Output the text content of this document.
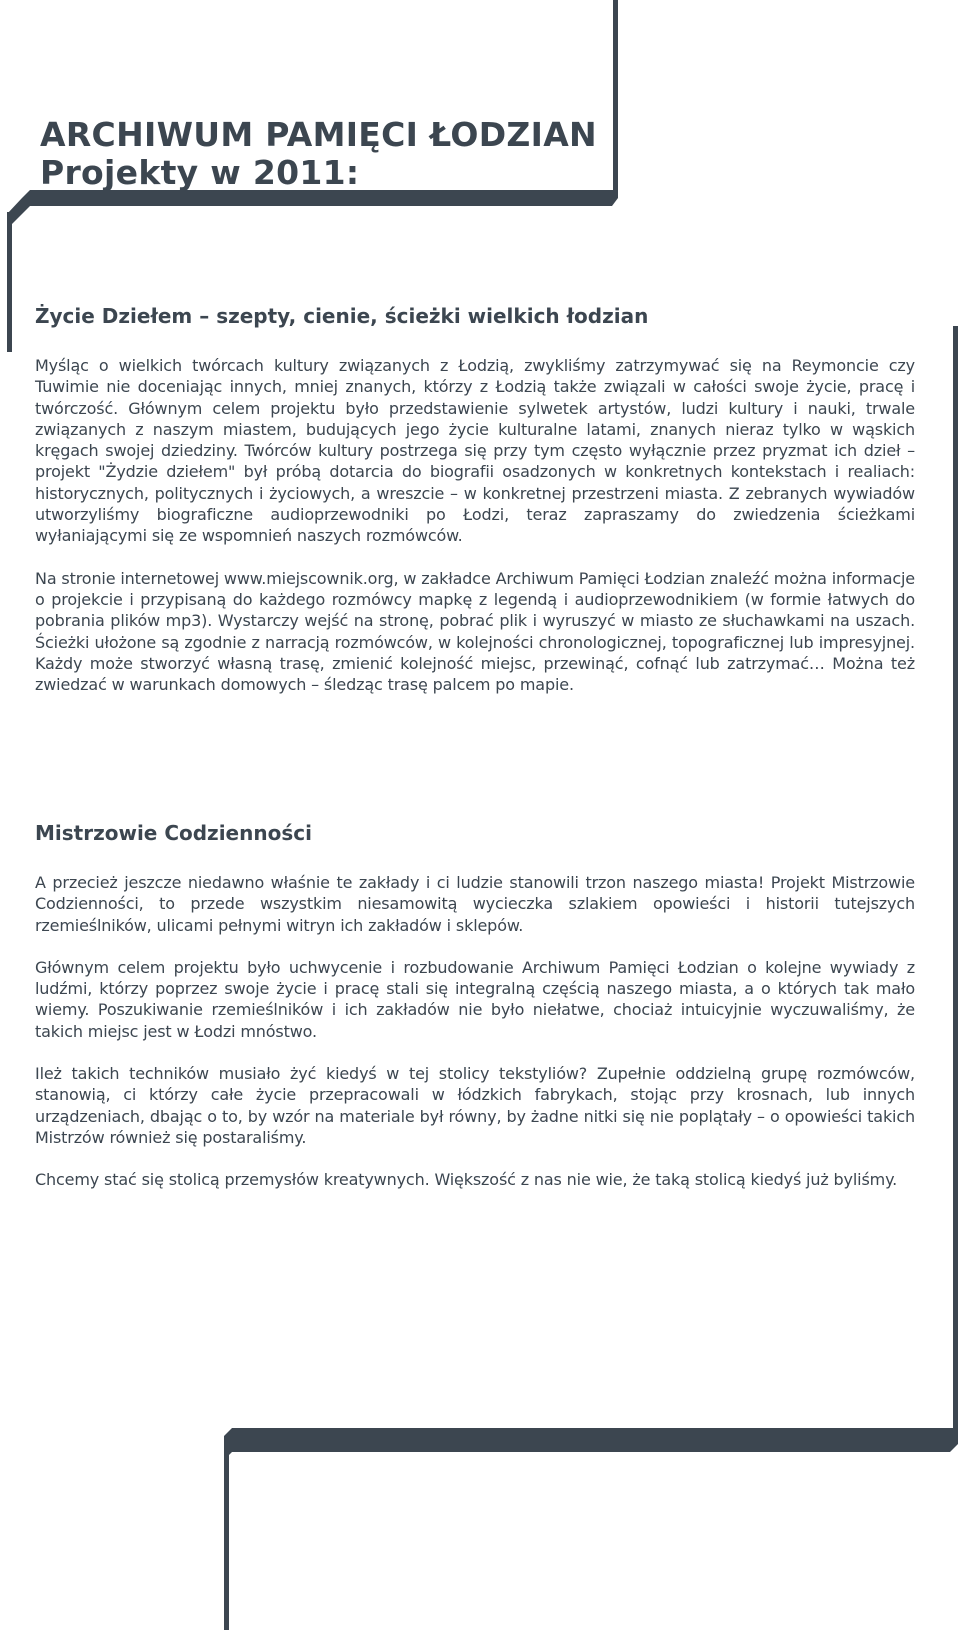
ARCHIWUM PAMIĘCI ŁODZIAN
Projekty w 2011:
Życie Dziełem – szepty, cienie, ścieżki wielkich łodzian

Myśląc o wielkich twórcach kultury związanych z Łodzią, zwykliśmy zatrzymywać się na Reymoncie czy Tuwimie nie doceniając innych, mniej znanych, którzy z Łodzią także związali w całości swoje życie, pracę i twórczość. Głównym celem projektu było przedstawienie sylwetek artystów, ludzi kultury i nauki, trwale związanych z naszym miastem, budujących jego życie kulturalne latami, znanych nieraz tylko w wąskich kręgach swojej dziedziny. Twórców kultury postrzega się przy tym często wyłącznie przez pryzmat ich dzieł – projekt "Żydzie dziełem" był próbą dotarcia do biografii osadzonych w konkretnych kontekstach i realiach: historycznych, politycznych i życiowych, a wreszcie – w konkretnej przestrzeni miasta. Z zebranych wywiadów utworzyliśmy biograficzne audioprzewodniki po Łodzi, teraz zapraszamy do zwiedzenia ścieżkami wyłaniającymi się ze wspomnień naszych rozmówców.

Na stronie internetowej www.miejscownik.org, w zakładce Archiwum Pamięci Łodzian znaleźć można informacje o projekcie i przypisaną do każdego rozmówcy mapkę z legendą i audioprzewodnikiem (w formie łatwych do pobrania plików mp3). Wystarczy wejść na stronę, pobrać plik i wyruszyć w miasto ze słuchawkami na uszach. Ścieżki ułożone są zgodnie z narracją rozmówców, w kolejności chronologicznej, topograficznej lub impresyjnej. Każdy może stworzyć własną trasę, zmienić kolejność miejsc, przewinąć, cofnąć lub zatrzymać… Można też zwiedzać w warunkach domowych – śledząc trasę palcem po mapie.

Mistrzowie Codzienności

A przecież jeszcze niedawno właśnie te zakłady i ci ludzie stanowili trzon naszego miasta! Projekt Mistrzowie Codzienności, to przede wszystkim niesamowitą wycieczka szlakiem opowieści i historii tutejszych rzemieślników, ulicami pełnymi witryn ich zakładów i sklepów.

Głównym celem projektu było uchwycenie i rozbudowanie Archiwum Pamięci Łodzian o kolejne wywiady z ludźmi, którzy poprzez swoje życie i pracę stali się integralną częścią naszego miasta, a o których tak mało wiemy. Poszukiwanie rzemieślników i ich zakładów nie było niełatwe, chociaż intuicyjnie wyczuwaliśmy, że takich miejsc jest w Łodzi mnóstwo.

Ileż takich techników musiało żyć kiedyś w tej stolicy tekstyliów? Zupełnie oddzielną grupę rozmówców, stanowią, ci którzy całe życie przepracowali w łódzkich fabrykach, stojąc przy krosnach, lub innych urządzeniach, dbając o to, by wzór na materiale był równy, by żadne nitki się nie poplątały – o opowieści takich Mistrzów również się postaraliśmy.

Chcemy stać się stolicą przemysłów kreatywnych. Większość z nas nie wie, że taką stolicą kiedyś już byliśmy.
